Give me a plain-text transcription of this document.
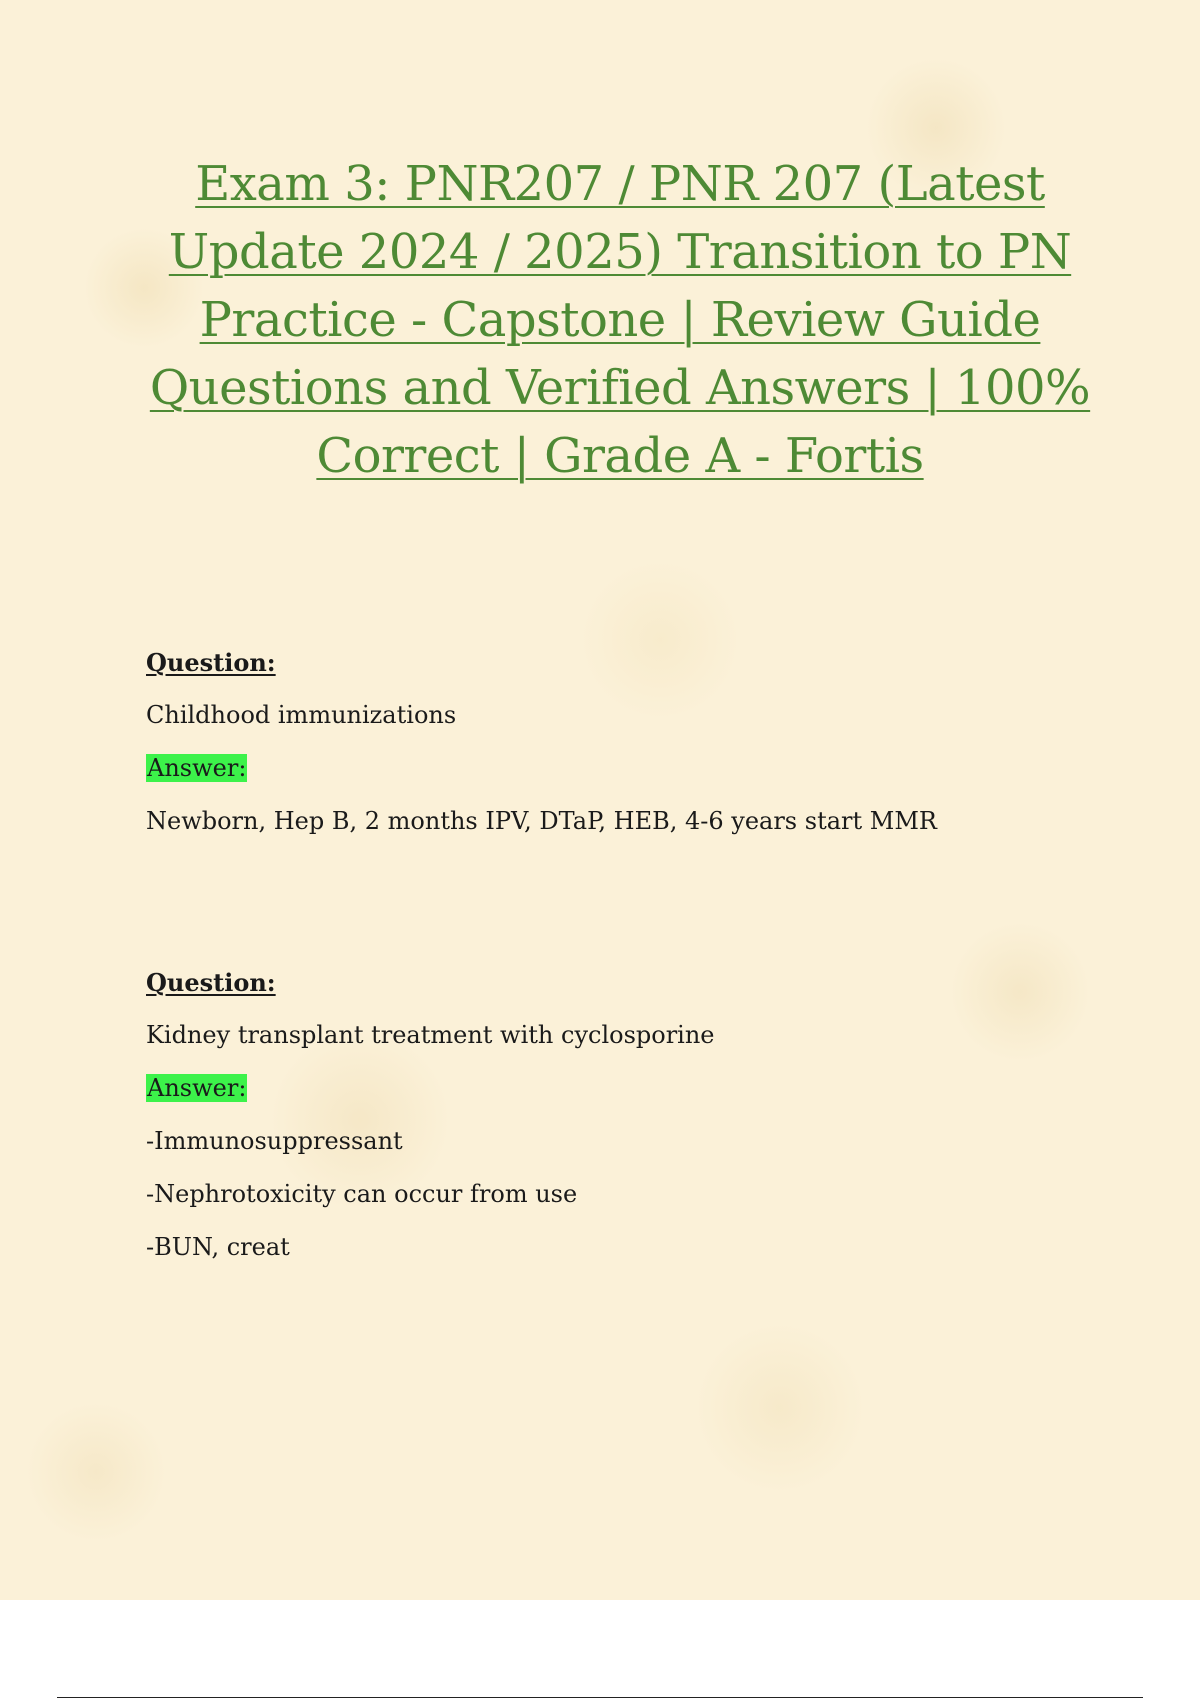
Exam 3: PNR207 / PNR 207 (Latest Update 2024 / 2025) Transition to PN Practice - Capstone | Review Guide Questions and Verified Answers | 100% Correct | Grade A - Fortis
Question:
Childhood immunizations
Answer:
Newborn, Hep B, 2 months IPV, DTaP, HEB, 4-6 years start MMR
Question:
Kidney transplant treatment with cyclosporine
Answer:
-Immunosuppressant
-Nephrotoxicity can occur from use
-BUN, creat
